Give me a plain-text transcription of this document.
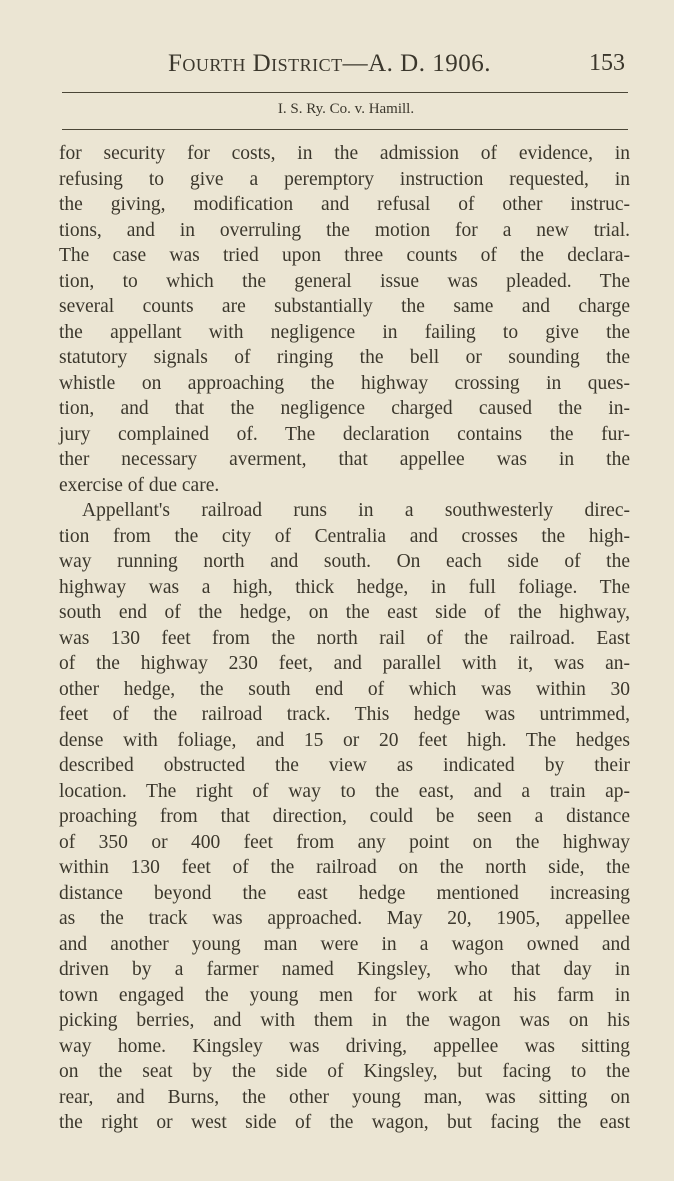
Fourth District—A. D. 1906.	153
I. S. Ry. Co. v. Hamill.
for security for costs, in the admission of evidence, in
refusing to give a peremptory instruction requested, in
the giving, modification and refusal of other instruc-
tions, and in overruling the motion for a new trial.
The case was tried upon three counts of the declara-
tion, to which the general issue was pleaded. The
several counts are substantially the same and charge
the appellant with negligence in failing to give the
statutory signals of ringing the bell or sounding the
whistle on approaching the highway crossing in ques-
tion, and that the negligence charged caused the in-
jury complained of. The declaration contains the fur-
ther necessary averment, that appellee was in the
exercise of due care.
Appellant's railroad runs in a southwesterly direc-
tion from the city of Centralia and crosses the high-
way running north and south. On each side of the
highway was a high, thick hedge, in full foliage. The
south end of the hedge, on the east side of the highway,
was 130 feet from the north rail of the railroad. East
of the highway 230 feet, and parallel with it, was an-
other hedge, the south end of which was within 30
feet of the railroad track. This hedge was untrimmed,
dense with foliage, and 15 or 20 feet high. The hedges
described obstructed the view as indicated by their
location. The right of way to the east, and a train ap-
proaching from that direction, could be seen a distance
of 350 or 400 feet from any point on the highway
within 130 feet of the railroad on the north side, the
distance beyond the east hedge mentioned increasing
as the track was approached. May 20, 1905, appellee
and another young man were in a wagon owned and
driven by a farmer named Kingsley, who that day in
town engaged the young men for work at his farm in
picking berries, and with them in the wagon was on his
way home. Kingsley was driving, appellee was sitting
on the seat by the side of Kingsley, but facing to the
rear, and Burns, the other young man, was sitting on
the right or west side of the wagon, but facing the east
